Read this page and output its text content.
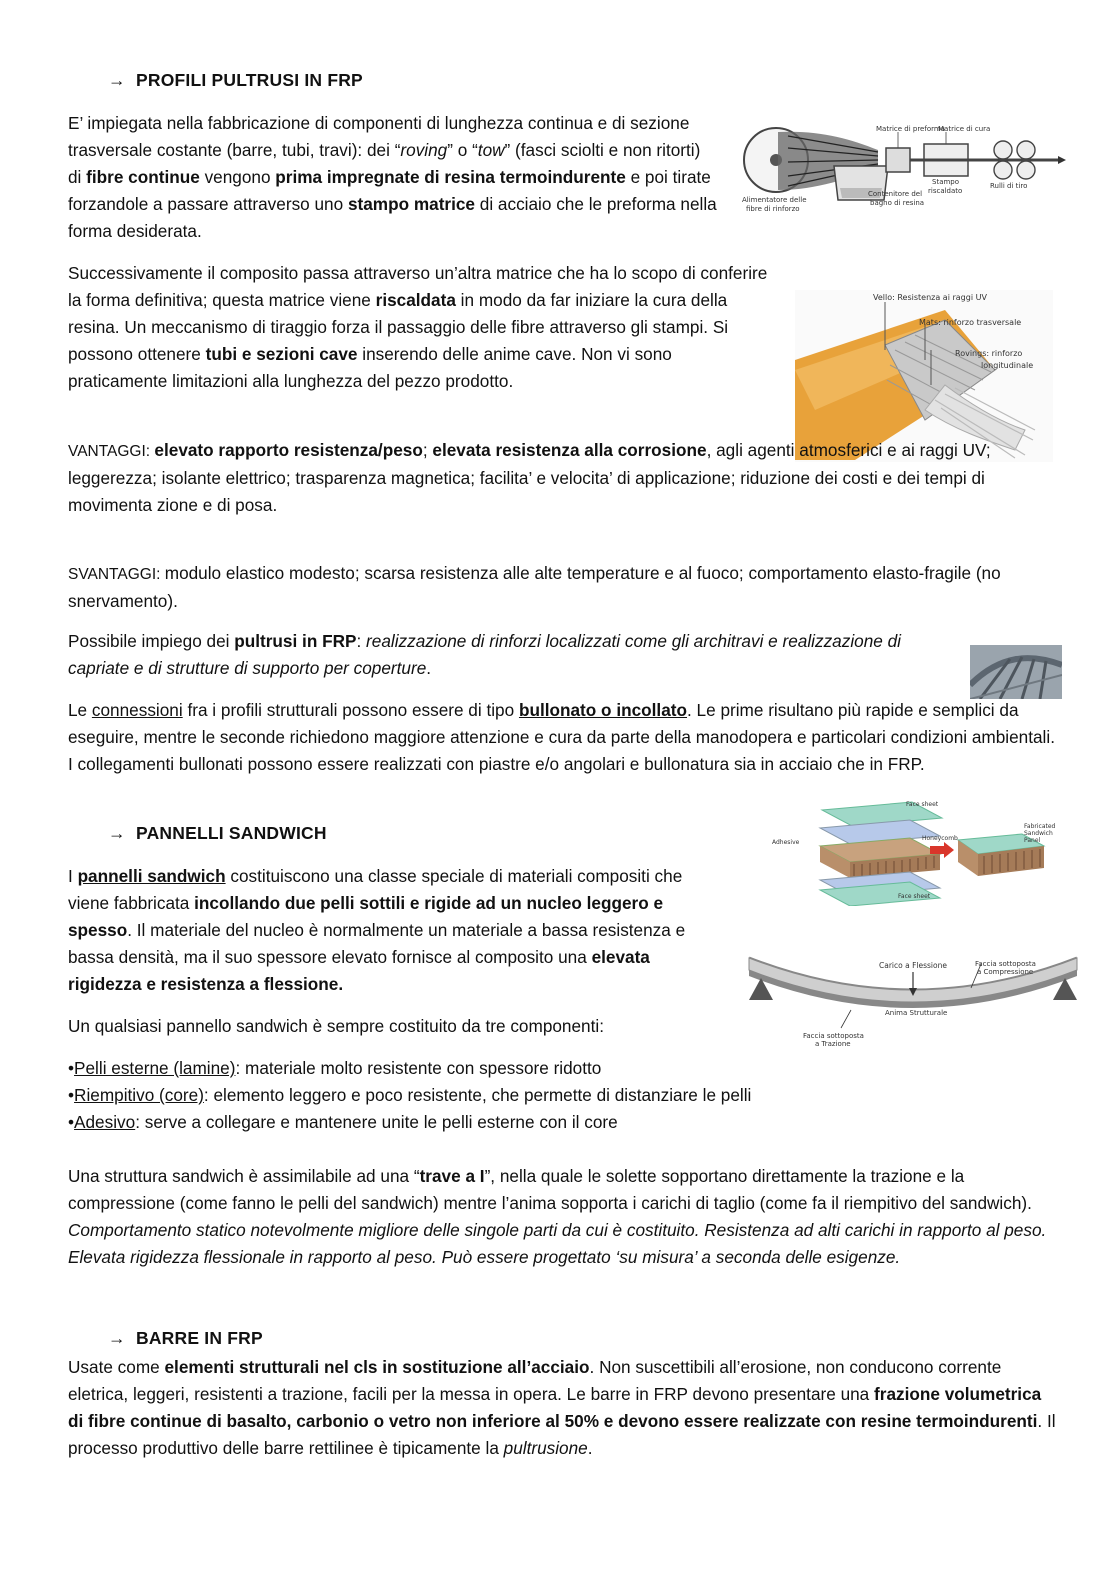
→ PROFILI PULTRUSI IN FRP

E’ impiegata nella fabbricazione di componenti di lunghezza continua e di sezione trasversale costante (barre, tubi, travi): dei “roving” o “tow” (fasci sciolti e non ritorti) di fibre continue vengono prima impregnate di resina termoindurente e poi tirate forzandole a passare attraverso uno stampo matrice di acciaio che le preforma nella forma desiderata.

Matrice di preforma
Matrice di cura
Alimentatore delle
fibre di rinforzo
Contenitore del
bagno di resina
Stampo
riscaldato
Rulli di tiro

Successivamente il composito passa attraverso un’altra matrice che ha lo scopo di conferire la forma definitiva; questa matrice viene riscaldata in modo da far iniziare la cura della resina. Un meccanismo di tiraggio forza il passaggio delle fibre attraverso gli stampi. Si possono ottenere tubi e sezioni cave inserendo delle anime cave. Non vi sono praticamente limitazioni alla lunghezza del pezzo prodotto.

Vello: Resistenza ai raggi UV
Mats: rinforzo trasversale
Rovings: rinforzo
longitudinale

VANTAGGI: elevato rapporto resistenza/peso; elevata resistenza alla corrosione, agli agenti atmosferici e ai raggi UV; leggerezza; isolante elettrico; trasparenza magnetica; facilita’ e velocita’ di applicazione; riduzione dei costi e dei tempi di movimenta zione e di posa.

SVANTAGGI: modulo elastico modesto; scarsa resistenza alle alte temperature e al fuoco; comportamento elasto-fragile (no snervamento).

Possibile impiego dei pultrusi in FRP: realizzazione di rinforzi localizzati come gli architravi e realizzazione di capriate e di strutture di supporto per coperture.

Le connessioni fra i profili strutturali possono essere di tipo bullonato o incollato. Le prime risultano più rapide e semplici da eseguire, mentre le seconde richiedono maggiore attenzione e cura da parte della manodopera e particolari condizioni ambientali. I collegamenti bullonati possono essere realizzati con piastre e/o angolari e bullonatura sia in acciaio che in FRP.

→ PANNELLI SANDWICH
Face sheet
Adhesive
Honeycomb
Face sheet
Fabricated
Sandwich
Panel

I pannelli sandwich costituiscono una classe speciale di materiali compositi che viene fabbricata incollando due pelli sottili e rigide ad un nucleo leggero e spesso. Il materiale del nucleo è normalmente un materiale a bassa resistenza e bassa densità, ma il suo spessore elevato fornisce al composito una elevata rigidezza e resistenza a flessione.

Carico a Flessione	Faccia sottoposta
a Compressione
Anima Strutturale
Faccia sottoposta
a Trazione

Un qualsiasi pannello sandwich è sempre costituito da tre componenti:

•Pelli esterne (lamine): materiale molto resistente con spessore ridotto
•Riempitivo (core): elemento leggero e poco resistente, che permette di distanziare le pelli
•Adesivo: serve a collegare e mantenere unite le pelli esterne con il core

Una struttura sandwich è assimilabile ad una “trave a I”, nella quale le solette sopportano direttamente la trazione e la compressione (come fanno le pelli del sandwich) mentre l’anima sopporta i carichi di taglio (come fa il riempitivo del sandwich). Comportamento statico notevolmente migliore delle singole parti da cui è costituito. Resistenza ad alti carichi in rapporto al peso. Elevata rigidezza flessionale in rapporto al peso. Può essere progettato ‘su misura’ a seconda delle esigenze.

→ BARRE IN FRP

Usate come elementi strutturali nel cls in sostituzione all’acciaio. Non suscettibili all’erosione, non conducono corrente eletrica, leggeri, resistenti a trazione, facili per la messa in opera. Le barre in FRP devono presentare una frazione volumetrica di fibre continue di basalto, carbonio o vetro non inferiore al 50% e devono essere realizzate con resine termoindurenti. Il processo produttivo delle barre rettilinee è tipicamente la pultrusione.
